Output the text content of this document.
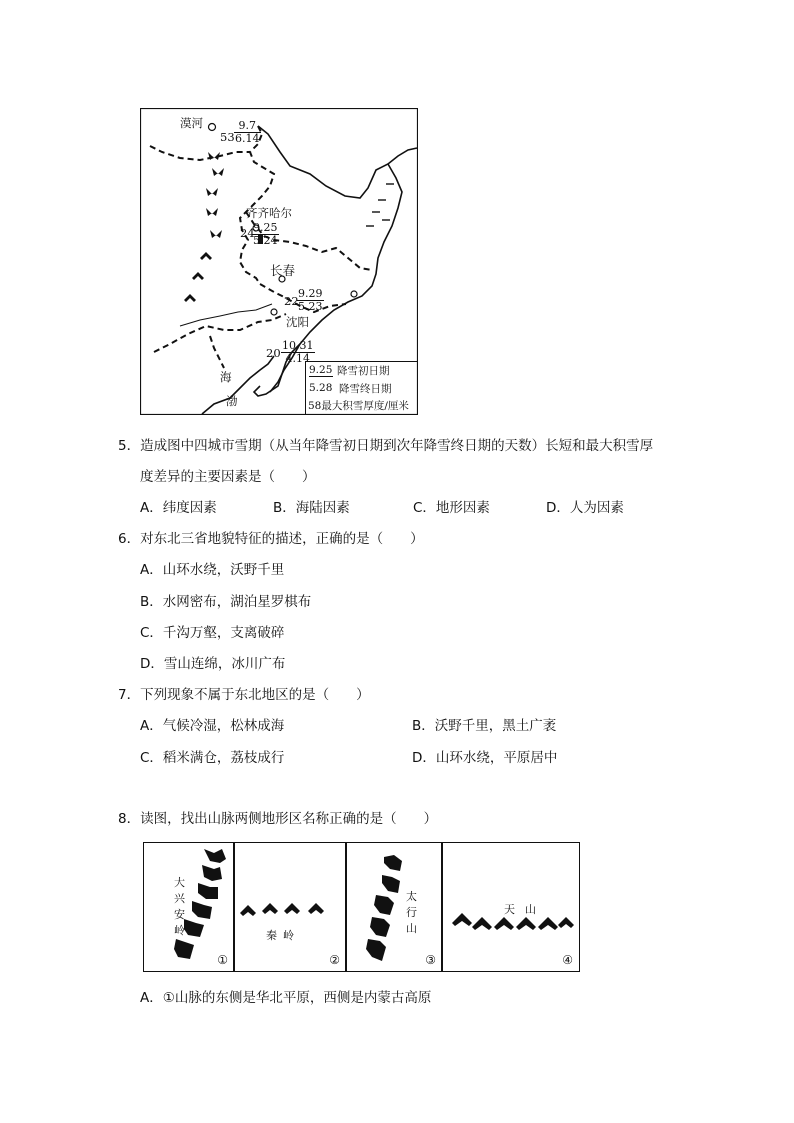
漠河
$53 \frac{9.7}{6.14}$
齐齐哈尔
24
$\frac{9.25}{5.24}$
长春
22
$\frac{9.29}{5.23}$
沈阳
$20 \frac{10.31}{4.14}$
海
渤
9.25 降雪初日期
5.28 降雪终日期
58最大积雪厚度/厘米
5．造成图中四城市雪期（从当年降雪初日期到次年降雪终日期的天数）长短和最大积雪厚
度差异的主要因素是（　　）
A．纬度因素	B．海陆因素	C．地形因素	D．人为因素
6．对东北三省地貌特征的描述，正确的是（　　）
A．山环水绕，沃野千里
B．水网密布，湖泊星罗棋布
C．千沟万壑，支离破碎
D．雪山连绵，冰川广布
7．下列现象不属于东北地区的是（　　）
A．气候冷湿，松林成海	B．沃野千里，黑土广袤
C．稻米满仓，荔枝成行	D．山环水绕，平原居中
8．读图，找出山脉两侧地形区名称正确的是（　　）
大兴安岭
①
秦岭
②
太行山
③
天山
④
A．①山脉的东侧是华北平原，西侧是内蒙古高原
